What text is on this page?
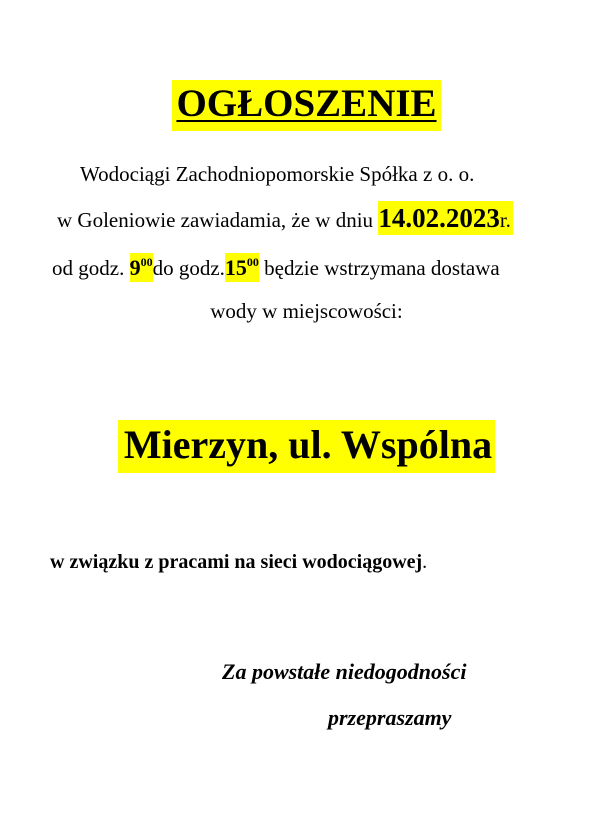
OGŁOSZENIE
Wodociągi Zachodniopomorskie Spółka z o. o.
w Goleniowie zawiadamia, że w dniu 14.02.2023r.
od godz. $9^{00}do$ $godz.15^{00}$ będzie wstrzymana dostawa
wody w miejscowości:
Mierzyn, ul. Wspólna
w związku z pracami na sieci wodociągowej.
Za powstałe niedogodności
przepraszamy
